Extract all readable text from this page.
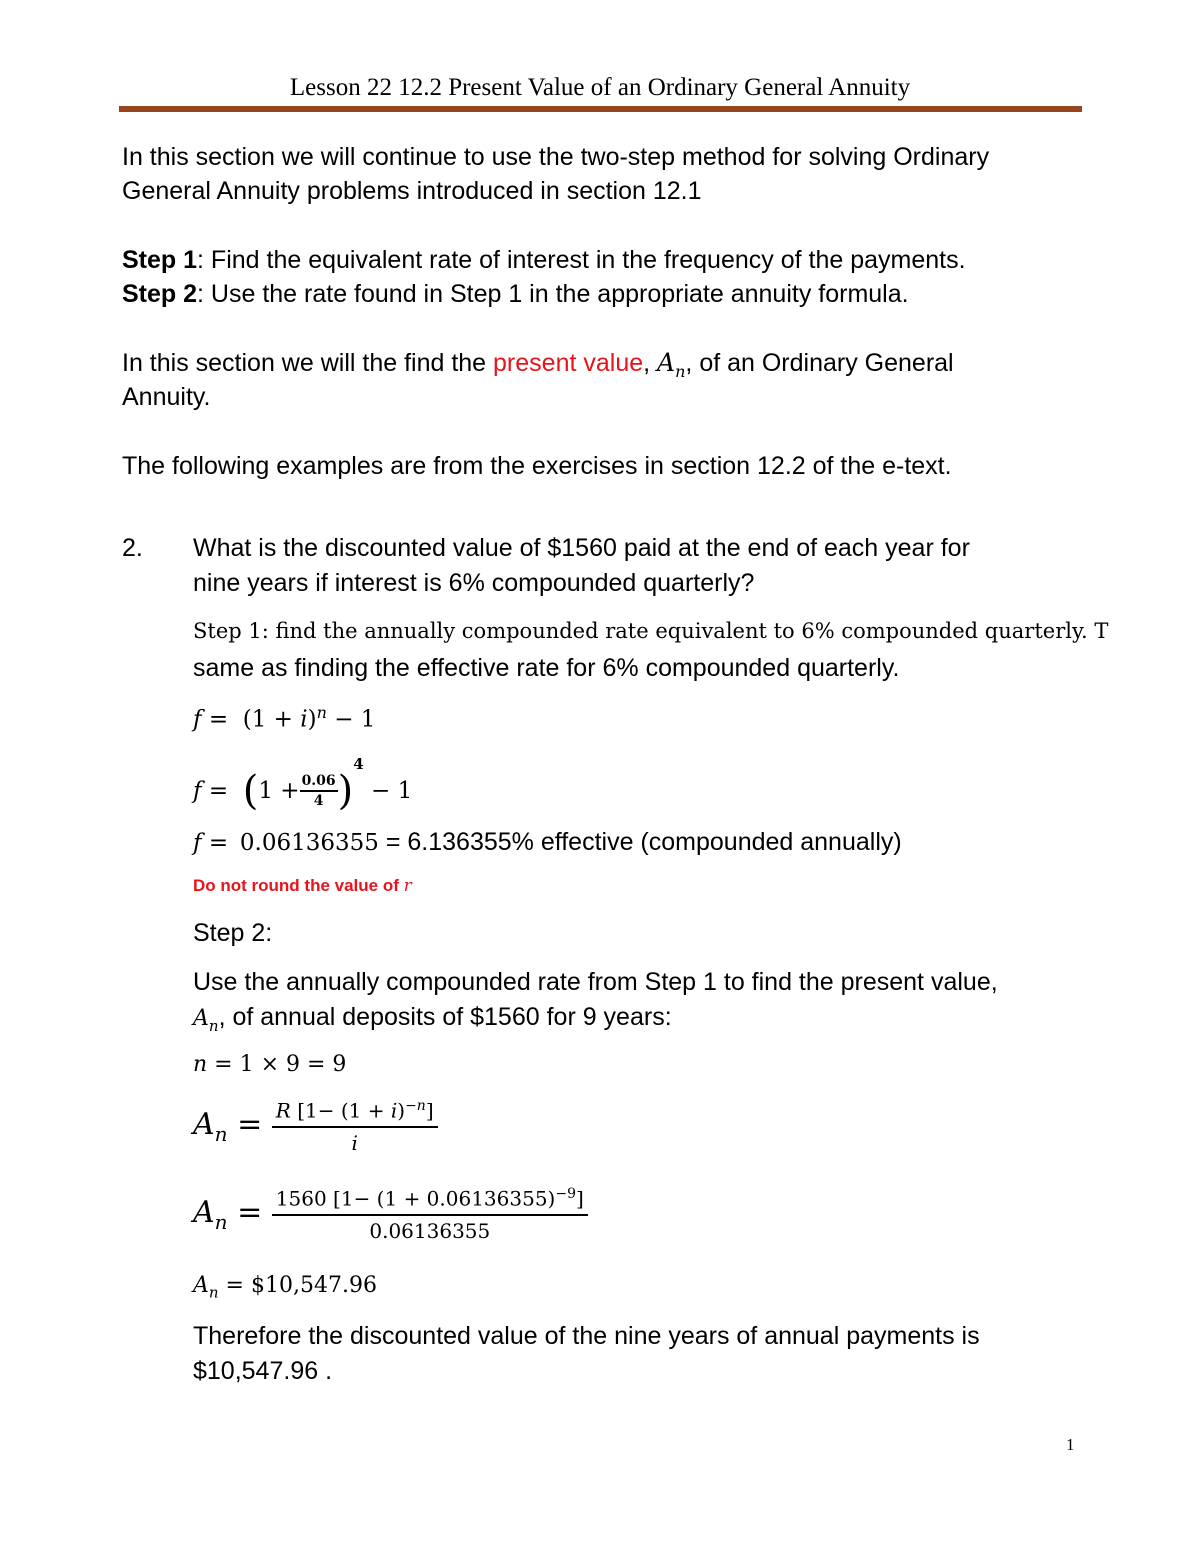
Lesson 22 12.2 Present Value of an Ordinary General Annuity
In this section we will continue to use the two-step method for solving Ordinary
General Annuity problems introduced in section 12.1
Step 1: Find the equivalent rate of interest in the frequency of the payments.
Step 2: Use the rate found in Step 1 in the appropriate annuity formula.
In this section we will the find the present value, $A_n$, of an Ordinary General
Annuity.
The following examples are from the exercises in section 12.2 of the e-text.
2. What is the discounted value of $1560 paid at the end of each year for
nine years if interest is 6% compounded quarterly?
Step 1: find the annually compounded rate equivalent to 6% compounded quarterly. T
same as finding the effective rate for 6% compounded quarterly.
$f = (1 + i)^n - 1$
$f = (1 + \frac{0.06}{4} )^4 - 1$
f =  0.06136355 = 6.136355% effective (compounded annually)
Do not round the value of r
Step 2:
Use the annually compounded rate from Step 1 to find the present value,
$A_n$, of annual deposits of $1560 for 9 years:
n = 1 × 9 = 9
$A_n = \frac{R [1- (1 + i)^{-n}]}{i}$
$A_n = \frac{1560 [1- (1 + 0.06136355)^{-9}]}{0.06136355}$
$A_n$ = $10,547.96
Therefore the discounted value of the nine years of annual payments is
$10,547.96 .
1
